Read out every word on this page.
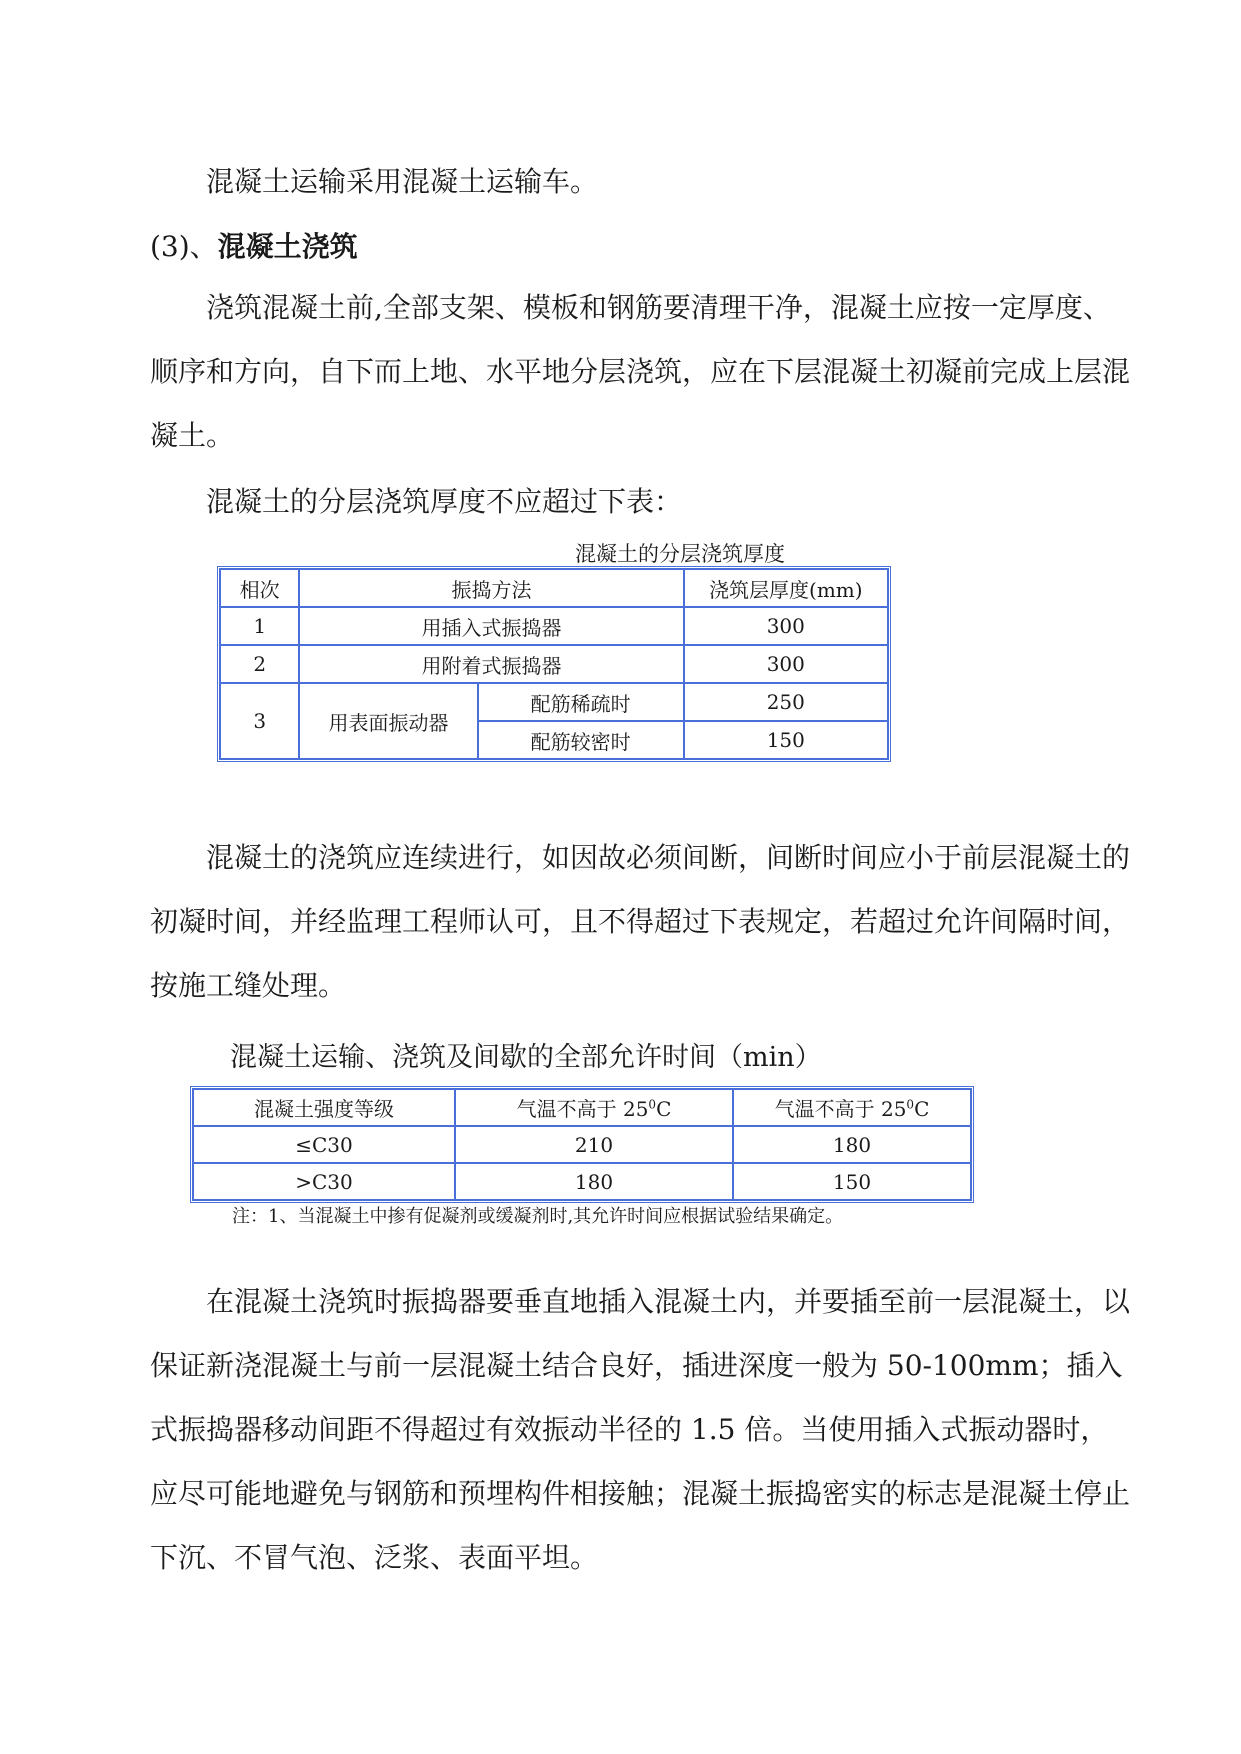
混凝土运输采用混凝土运输车。

(3)、混凝土浇筑

浇筑混凝土前,全部支架、模板和钢筋要清理干净，混凝土应按一定厚度、顺序和方向，自下而上地、水平地分层浇筑，应在下层混凝土初凝前完成上层混凝土。

混凝土的分层浇筑厚度不应超过下表：

混凝土的分层浇筑厚度
相次	振捣方法		浇筑层厚度(mm)
1	用插入式振捣器		300
2	用附着式振捣器		300
3	用表面振动器	配筋稀疏时	250
		配筋较密时	150

混凝土的浇筑应连续进行，如因故必须间断，间断时间应小于前层混凝土的初凝时间，并经监理工程师认可，且不得超过下表规定，若超过允许间隔时间，按施工缝处理。

混凝土运输、浇筑及间歇的全部允许时间（min）
混凝土强度等级	气温不高于 $25^0C$	气温不高于 $25^0C$
≤C30	210	180
>C30	180	150
注：1、当混凝土中掺有促凝剂或缓凝剂时,其允许时间应根据试验结果确定。

在混凝土浇筑时振捣器要垂直地插入混凝土内，并要插至前一层混凝土，以保证新浇混凝土与前一层混凝土结合良好，插进深度一般为 50-100mm；插入式振捣器移动间距不得超过有效振动半径的 1.5 倍。当使用插入式振动器时，应尽可能地避免与钢筋和预埋构件相接触；混凝土振捣密实的标志是混凝土停止下沉、不冒气泡、泛浆、表面平坦。
